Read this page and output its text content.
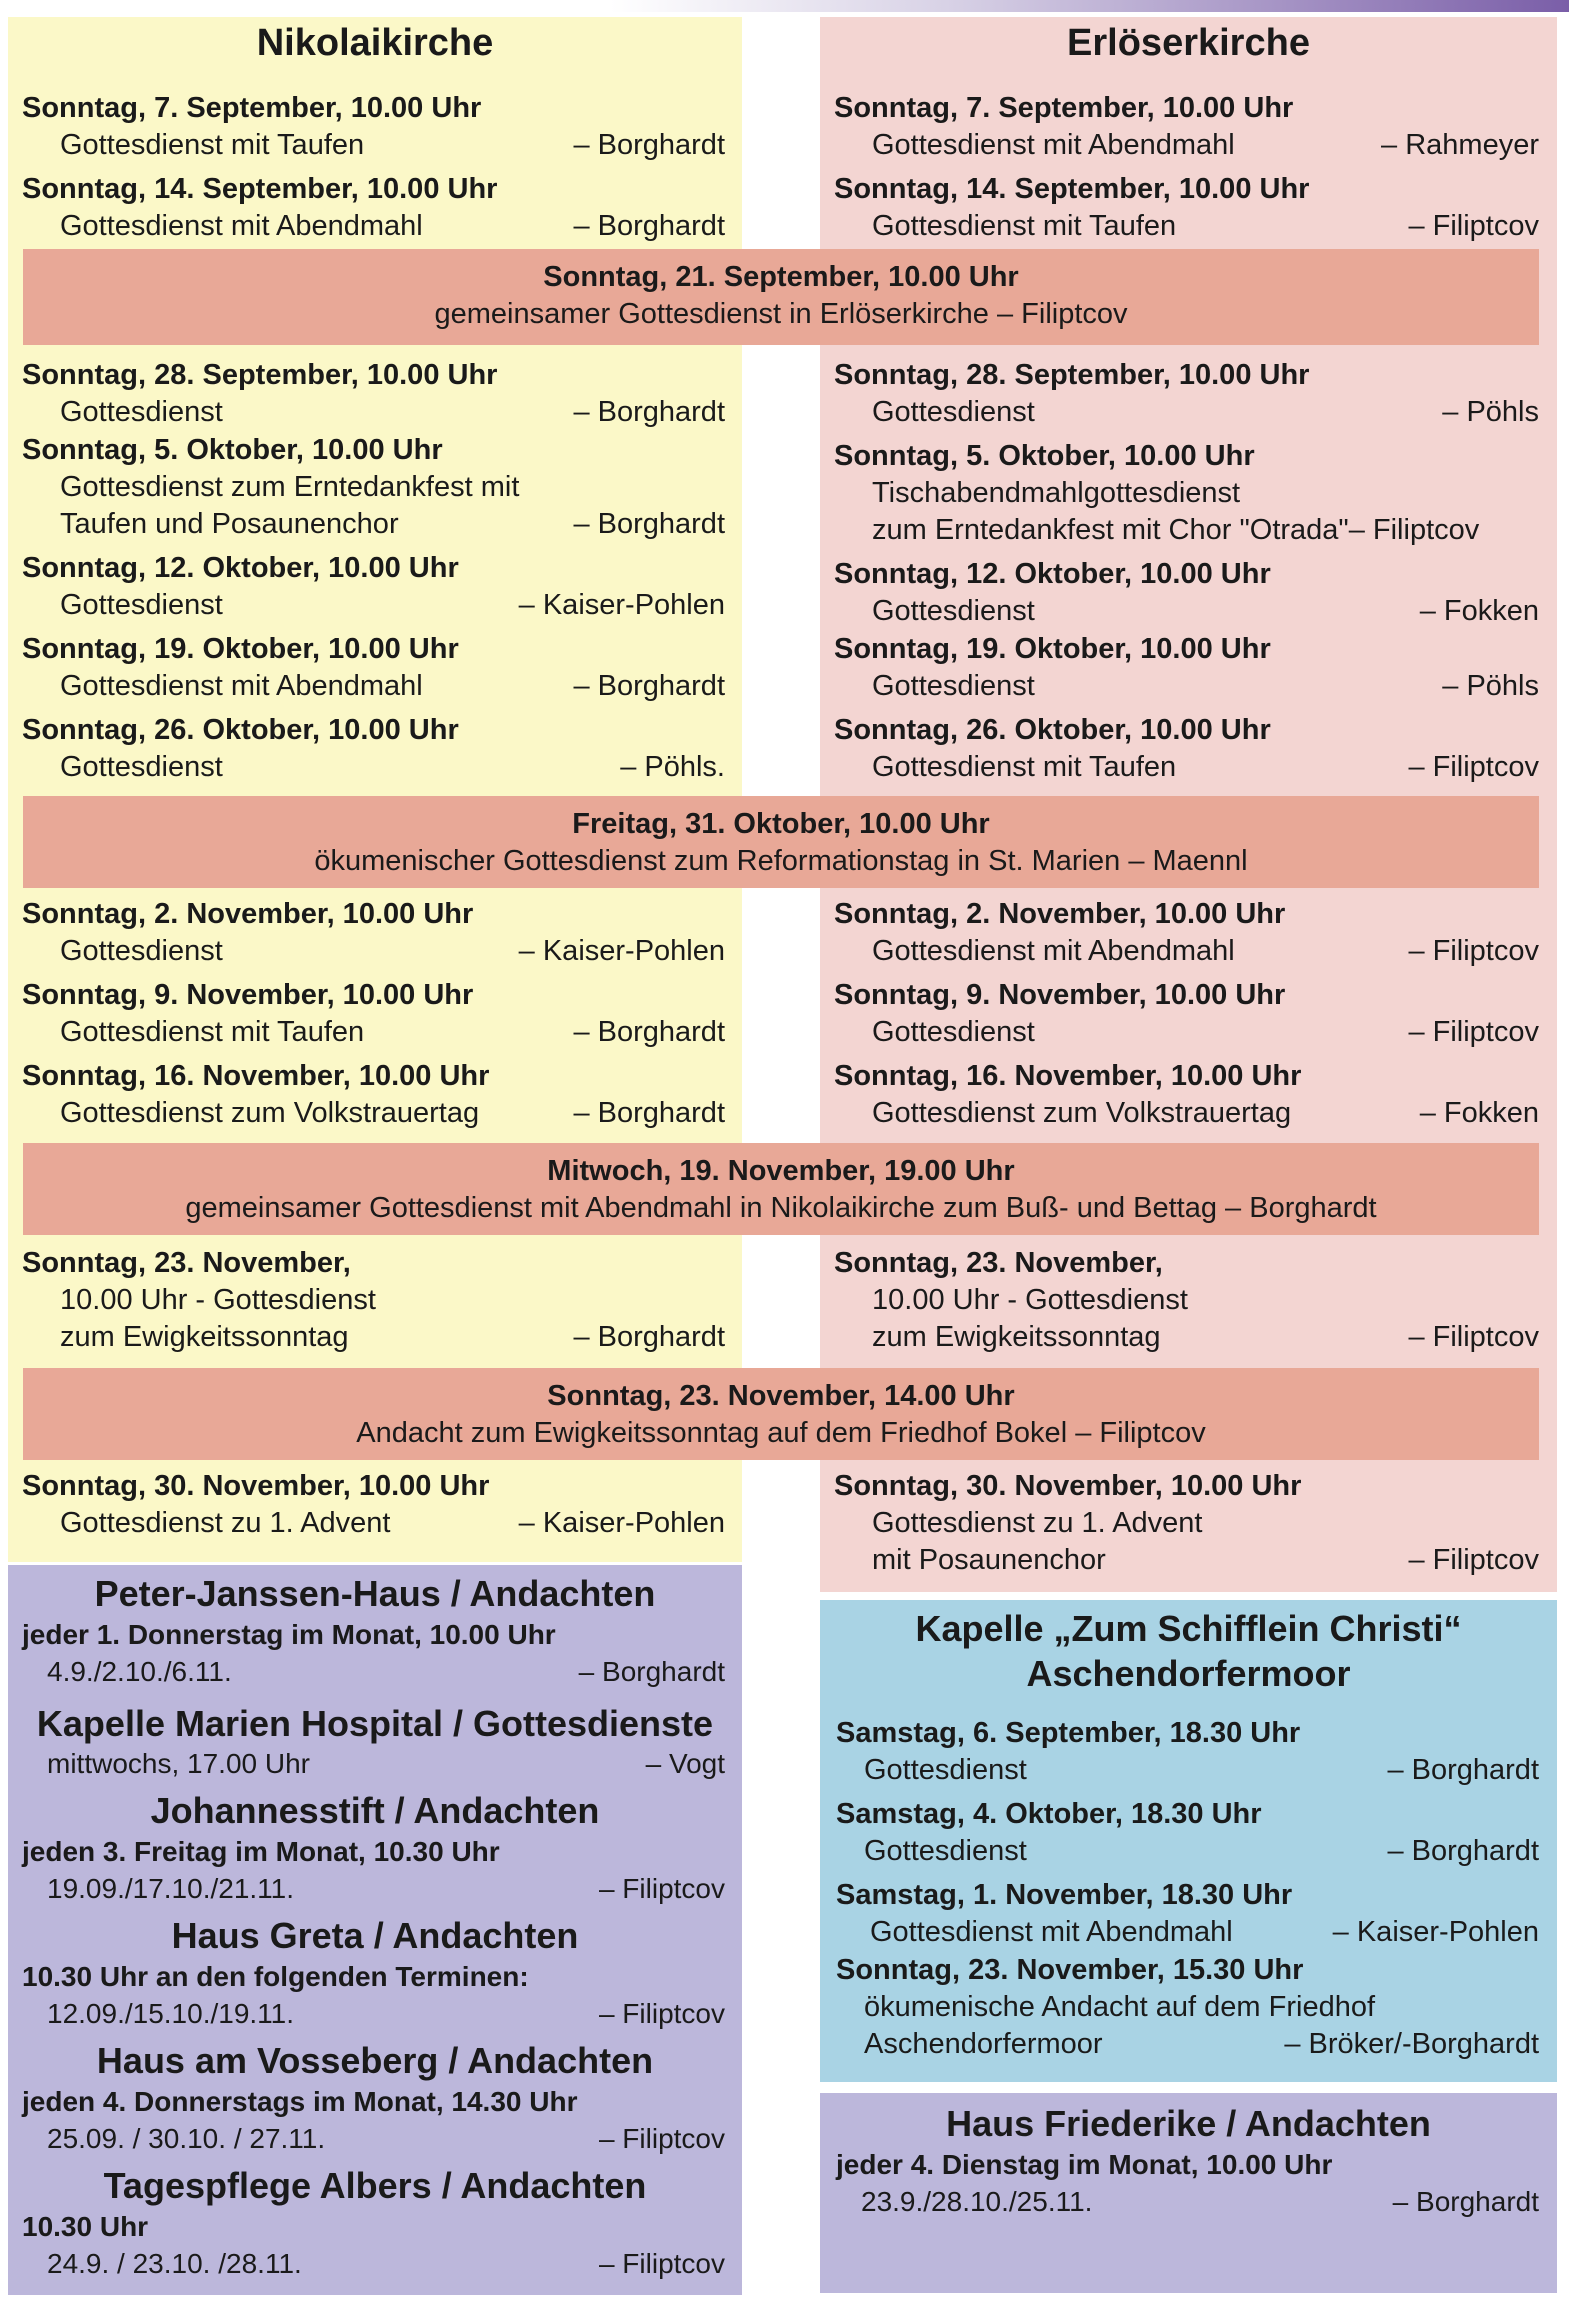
Nikolaikirche	Erlöserkirche
Sonntag, 7. September, 10.00 Uhr
Gottesdienst mit Taufen	– Borghardt
Sonntag, 14. September, 10.00 Uhr
Gottesdienst mit Abendmahl	– Borghardt
Sonntag, 28. September, 10.00 Uhr
Gottesdienst	– Borghardt
Sonntag, 5. Oktober, 10.00 Uhr
Gottesdienst zum Erntedankfest mit
Taufen und Posaunenchor	– Borghardt
Sonntag, 12. Oktober, 10.00 Uhr
Gottesdienst	– Kaiser-Pohlen
Sonntag, 19. Oktober, 10.00 Uhr
Gottesdienst mit Abendmahl	– Borghardt
Sonntag, 26. Oktober, 10.00 Uhr
Gottesdienst	– Pöhls.
Sonntag, 2. November, 10.00 Uhr
Gottesdienst	– Kaiser-Pohlen
Sonntag, 9. November, 10.00 Uhr
Gottesdienst mit Taufen	– Borghardt
Sonntag, 16. November, 10.00 Uhr
Gottesdienst zum Volkstrauertag	– Borghardt
Sonntag, 23. November,
10.00 Uhr - Gottesdienst
zum Ewigkeitssonntag	– Borghardt
Sonntag, 30. November, 10.00 Uhr
Gottesdienst zu 1. Advent	– Kaiser-Pohlen
Sonntag, 7. September, 10.00 Uhr
Gottesdienst mit Abendmahl	– Rahmeyer
Sonntag, 14. September, 10.00 Uhr
Gottesdienst mit Taufen	– Filiptcov
Sonntag, 28. September, 10.00 Uhr
Gottesdienst	– Pöhls
Sonntag, 5. Oktober, 10.00 Uhr
Tischabendmahlgottesdienst
zum Erntedankfest mit Chor "Otrada"– Filiptcov
Sonntag, 12. Oktober, 10.00 Uhr
Gottesdienst	– Fokken
Sonntag, 19. Oktober, 10.00 Uhr
Gottesdienst	– Pöhls
Sonntag, 26. Oktober, 10.00 Uhr
Gottesdienst mit Taufen	– Filiptcov
Sonntag, 2. November, 10.00 Uhr
Gottesdienst mit Abendmahl	– Filiptcov
Sonntag, 9. November, 10.00 Uhr
Gottesdienst	– Filiptcov
Sonntag, 16. November, 10.00 Uhr
Gottesdienst zum Volkstrauertag	– Fokken
Sonntag, 23. November,
10.00 Uhr - Gottesdienst
zum Ewigkeitssonntag	– Filiptcov
Sonntag, 30. November, 10.00 Uhr
Gottesdienst zu 1. Advent
mit Posaunenchor	– Filiptcov
Sonntag, 21. September, 10.00 Uhr
gemeinsamer Gottesdienst in Erlöserkirche – Filiptcov
Freitag, 31. Oktober, 10.00 Uhr
ökumenischer Gottesdienst zum Reformationstag in St. Marien – Maennl
Mitwoch, 19. November, 19.00 Uhr
gemeinsamer Gottesdienst mit Abendmahl in Nikolaikirche zum Buß- und Bettag – Borghardt
Sonntag, 23. November, 14.00 Uhr
Andacht zum Ewigkeitssonntag auf dem Friedhof Bokel – Filiptcov
Peter-Janssen-Haus / Andachten
jeder 1. Donnerstag im Monat, 10.00 Uhr
4.9./2.10./6.11.	– Borghardt
Kapelle Marien Hospital / Gottesdienste
mittwochs, 17.00 Uhr	– Vogt
Johannesstift / Andachten
jeden 3. Freitag im Monat, 10.30 Uhr
19.09./17.10./21.11.	– Filiptcov
Haus Greta / Andachten
10.30 Uhr an den folgenden Terminen:
12.09./15.10./19.11.	– Filiptcov
Haus am Vosseberg / Andachten
jeden 4. Donnerstags im Monat, 14.30 Uhr
25.09. / 30.10. / 27.11.	– Filiptcov
Tagespflege Albers / Andachten
10.30 Uhr
24.9. / 23.10. /28.11.	– Filiptcov
Kapelle „Zum Schifflein Christi“
Aschendorfermoor
Samstag, 6. September, 18.30 Uhr
Gottesdienst	– Borghardt
Samstag, 4. Oktober, 18.30 Uhr
Gottesdienst	– Borghardt
Samstag, 1. November, 18.30 Uhr
Gottesdienst mit Abendmahl	– Kaiser-Pohlen
Sonntag, 23. November, 15.30 Uhr
ökumenische Andacht auf dem Friedhof
Aschendorfermoor	– Bröker/-Borghardt
Haus Friederike / Andachten
jeder 4. Dienstag im Monat, 10.00 Uhr
23.9./28.10./25.11.	– Borghardt
